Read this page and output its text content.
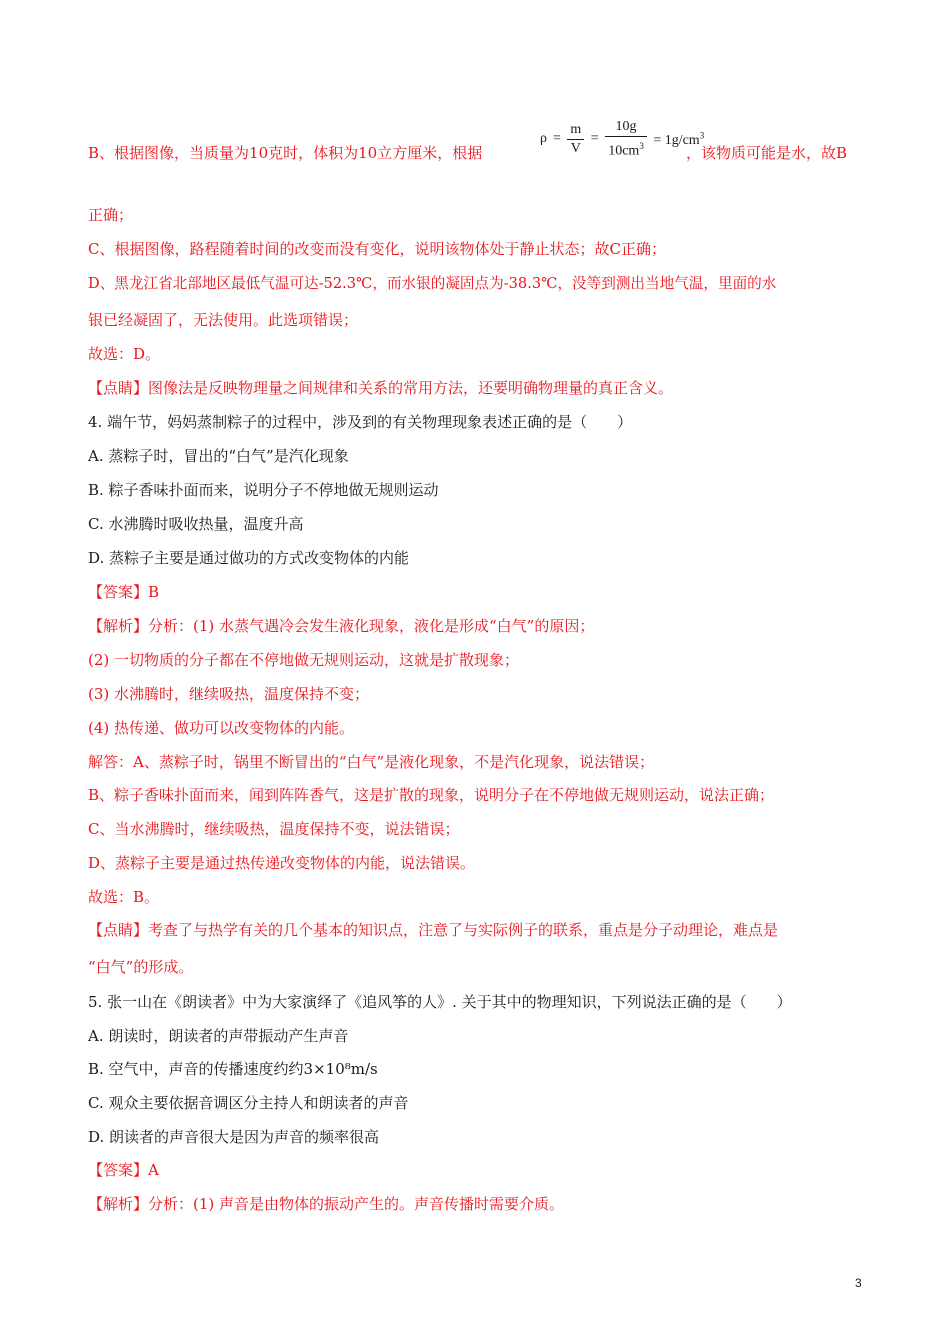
B、根据图像，当质量为10克时，体积为10立方厘米，根据
$\rho = \frac{m}{V} = \frac{10g}{10cm^3} = 1g/cm^3$
，该物质可能是水，故B
正确；
C、根据图像，路程随着时间的改变而没有变化，说明该物体处于静止状态；故C正确；
D、黑龙江省北部地区最低气温可达-52.3℃，而水银的凝固点为-38.3℃，没等到测出当地气温，里面的水
银已经凝固了，无法使用。此选项错误；
故选：D。
【点睛】图像法是反映物理量之间规律和关系的常用方法，还要明确物理量的真正含义。
4. 端午节，妈妈蒸制粽子的过程中，涉及到的有关物理现象表述正确的是（　　）
A. 蒸粽子时，冒出的“白气”是汽化现象
B. 粽子香味扑面而来，说明分子不停地做无规则运动
C. 水沸腾时吸收热量，温度升高
D. 蒸粽子主要是通过做功的方式改变物体的内能
【答案】B
【解析】分析：(1) 水蒸气遇冷会发生液化现象，液化是形成“白气”的原因；
(2) 一切物质的分子都在不停地做无规则运动，这就是扩散现象；
(3) 水沸腾时，继续吸热，温度保持不变；
(4) 热传递、做功可以改变物体的内能。
解答：A、蒸粽子时，锅里不断冒出的“白气”是液化现象，不是汽化现象，说法错误；
B、粽子香味扑面而来，闻到阵阵香气，这是扩散的现象，说明分子在不停地做无规则运动，说法正确；
C、当水沸腾时，继续吸热，温度保持不变，说法错误；
D、蒸粽子主要是通过热传递改变物体的内能，说法错误。
故选：B。
【点睛】考查了与热学有关的几个基本的知识点，注意了与实际例子的联系，重点是分子动理论，难点是
“白气”的形成。
5. 张一山在《朗读者》中为大家演绎了《追风筝的人》. 关于其中的物理知识，下列说法正确的是（　　）
A. 朗读时，朗读者的声带振动产生声音
B. 空气中，声音的传播速度约约3×10⁸m/s
C. 观众主要依据音调区分主持人和朗读者的声音
D. 朗读者的声音很大是因为声音的频率很高
【答案】A
【解析】分析：(1) 声音是由物体的振动产生的。声音传播时需要介质。
3
